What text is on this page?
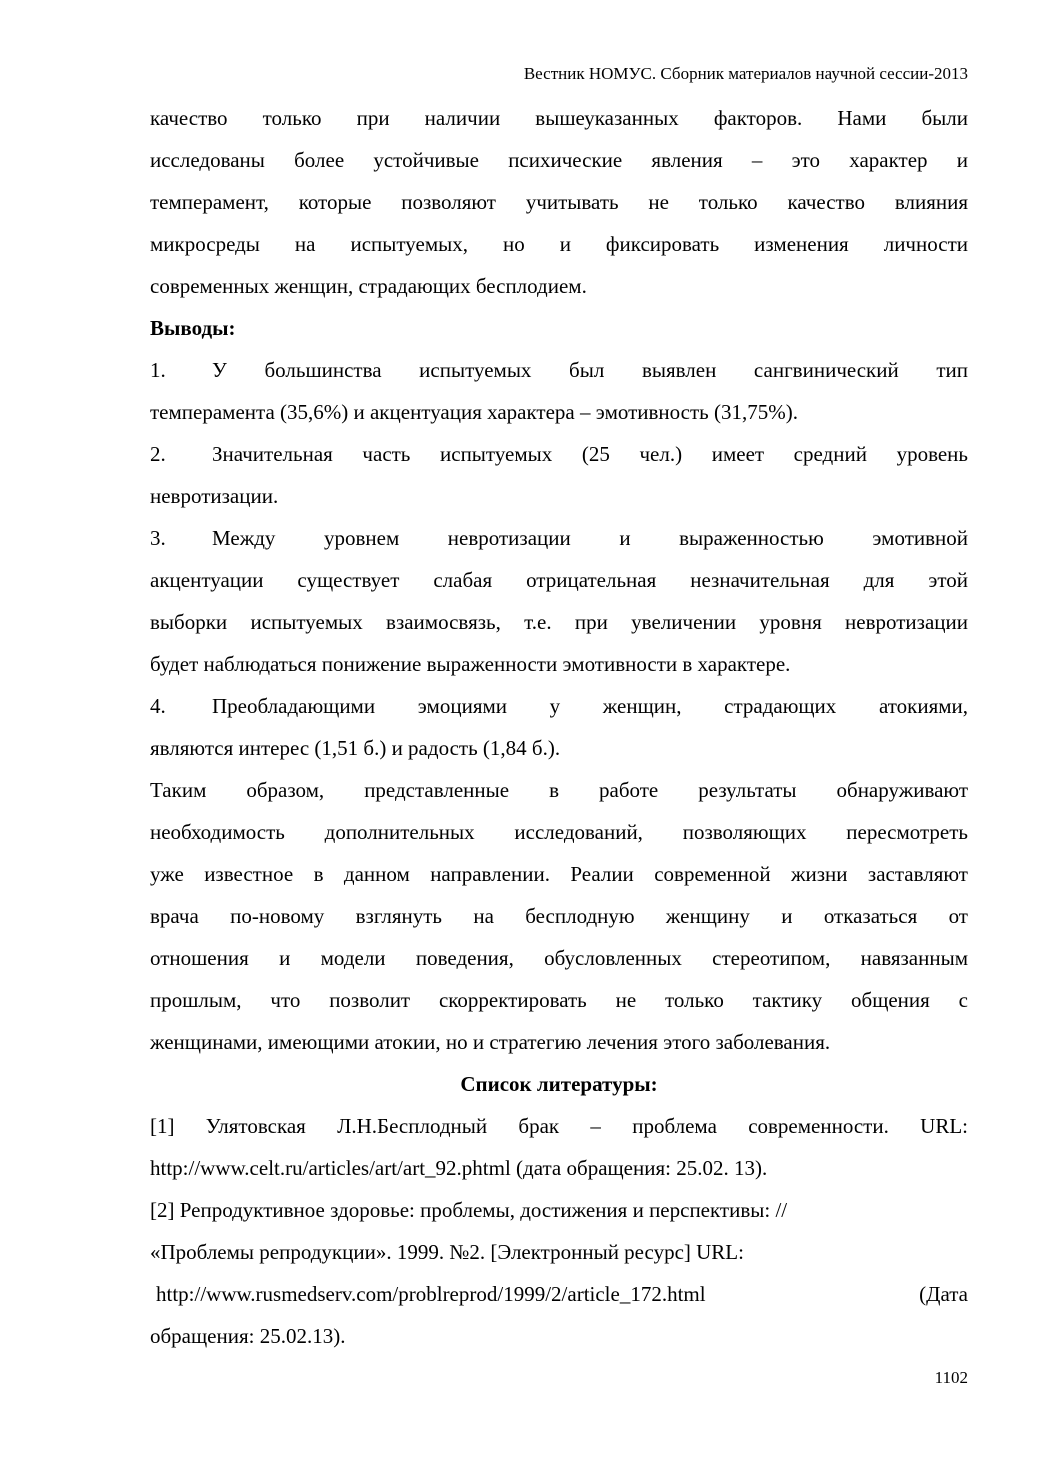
Вестник НОМУС. Сборник материалов научной сессии-2013

качество только при наличии вышеуказанных факторов. Нами были
исследованы более устойчивые психические явления – это характер и
темперамент, которые позволяют учитывать не только качество влияния
микросреды на испытуемых, но и фиксировать изменения личности
современных женщин, страдающих бесплодием.

Выводы:

1. У большинства испытуемых был выявлен сангвинический тип
темперамента (35,6%) и акцентуация характера – эмотивность (31,75%).
2. Значительная часть испытуемых (25 чел.) имеет средний уровень
невротизации.
3. Между уровнем невротизации и выраженностью эмотивной
акцентуации существует слабая отрицательная незначительная для этой
выборки испытуемых взаимосвязь, т.е. при увеличении уровня невротизации
будет наблюдаться понижение выраженности эмотивности в характере.
4. Преобладающими эмоциями у женщин, страдающих атокиями,
являются интерес (1,51 б.) и радость (1,84 б.).

Таким образом, представленные в работе результаты обнаруживают
необходимость дополнительных исследований, позволяющих пересмотреть
уже известное в данном направлении. Реалии современной жизни заставляют
врача по-новому взглянуть на бесплодную женщину и отказаться от
отношения и модели поведения, обусловленных стереотипом, навязанным
прошлым, что позволит скорректировать не только тактику общения с
женщинами, имеющими атокии, но и стратегию лечения этого заболевания.

Список литературы:

[1] Улятовская Л.Н.Бесплодный брак – проблема современности. URL:
http://www.celt.ru/articles/art/art_92.phtml (дата обращения: 25.02. 13).
[2] Репродуктивное здоровье: проблемы, достижения и перспективы: //
«Проблемы репродукции». 1999. №2. [Электронный ресурс] URL:
http://www.rusmedserv.com/problreprod/1999/2/article_172.html	(Дата
обращения: 25.02.13).
1102
